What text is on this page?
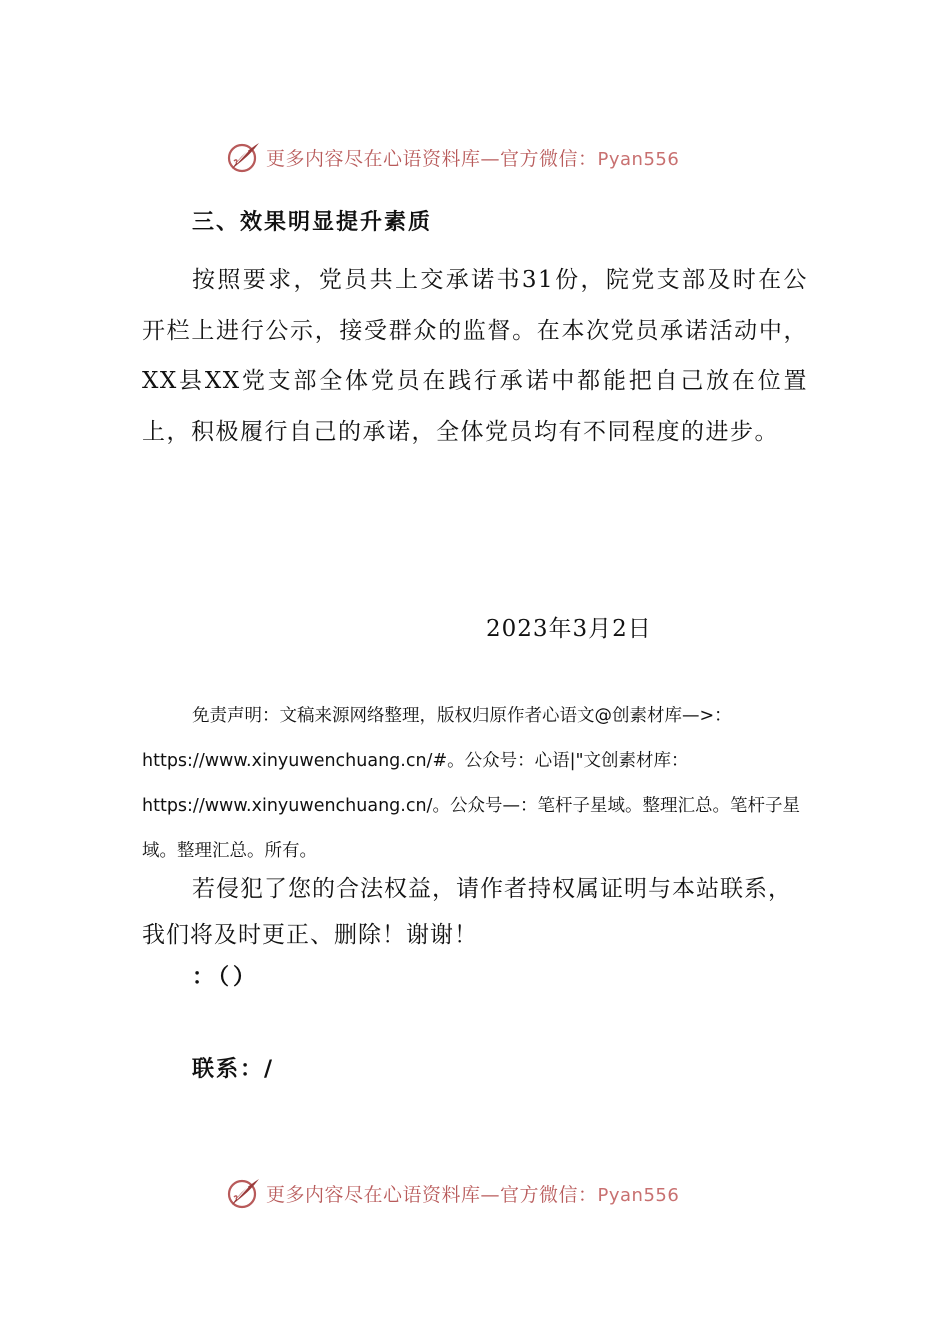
更多内容尽在心语资料库—官方微信：Pyan556
三、效果明显提升素质

按照要求，党员共上交承诺书31份，院党支部及时在公开栏上进行公示，接受群众的监督。在本次党员承诺活动中，XX县XX党支部全体党员在践行承诺中都能把自己放在位置上，积极履行自己的承诺，全体党员均有不同程度的进步。

2023年3月2日

免责声明：文稿来源网络整理，版权归原作者心语文@创素材库—>：https://www.xinyuwenchuang.cn/#。公众号：心语|"文创素材库：https://www.xinyuwenchuang.cn/。公众号—：笔杆子星域。整理汇总。笔杆子星域。整理汇总。所有。

若侵犯了您的合法权益，请作者持权属证明与本站联系，我们将及时更正、删除！谢谢！

：（）
联系：/
更多内容尽在心语资料库—官方微信：Pyan556
